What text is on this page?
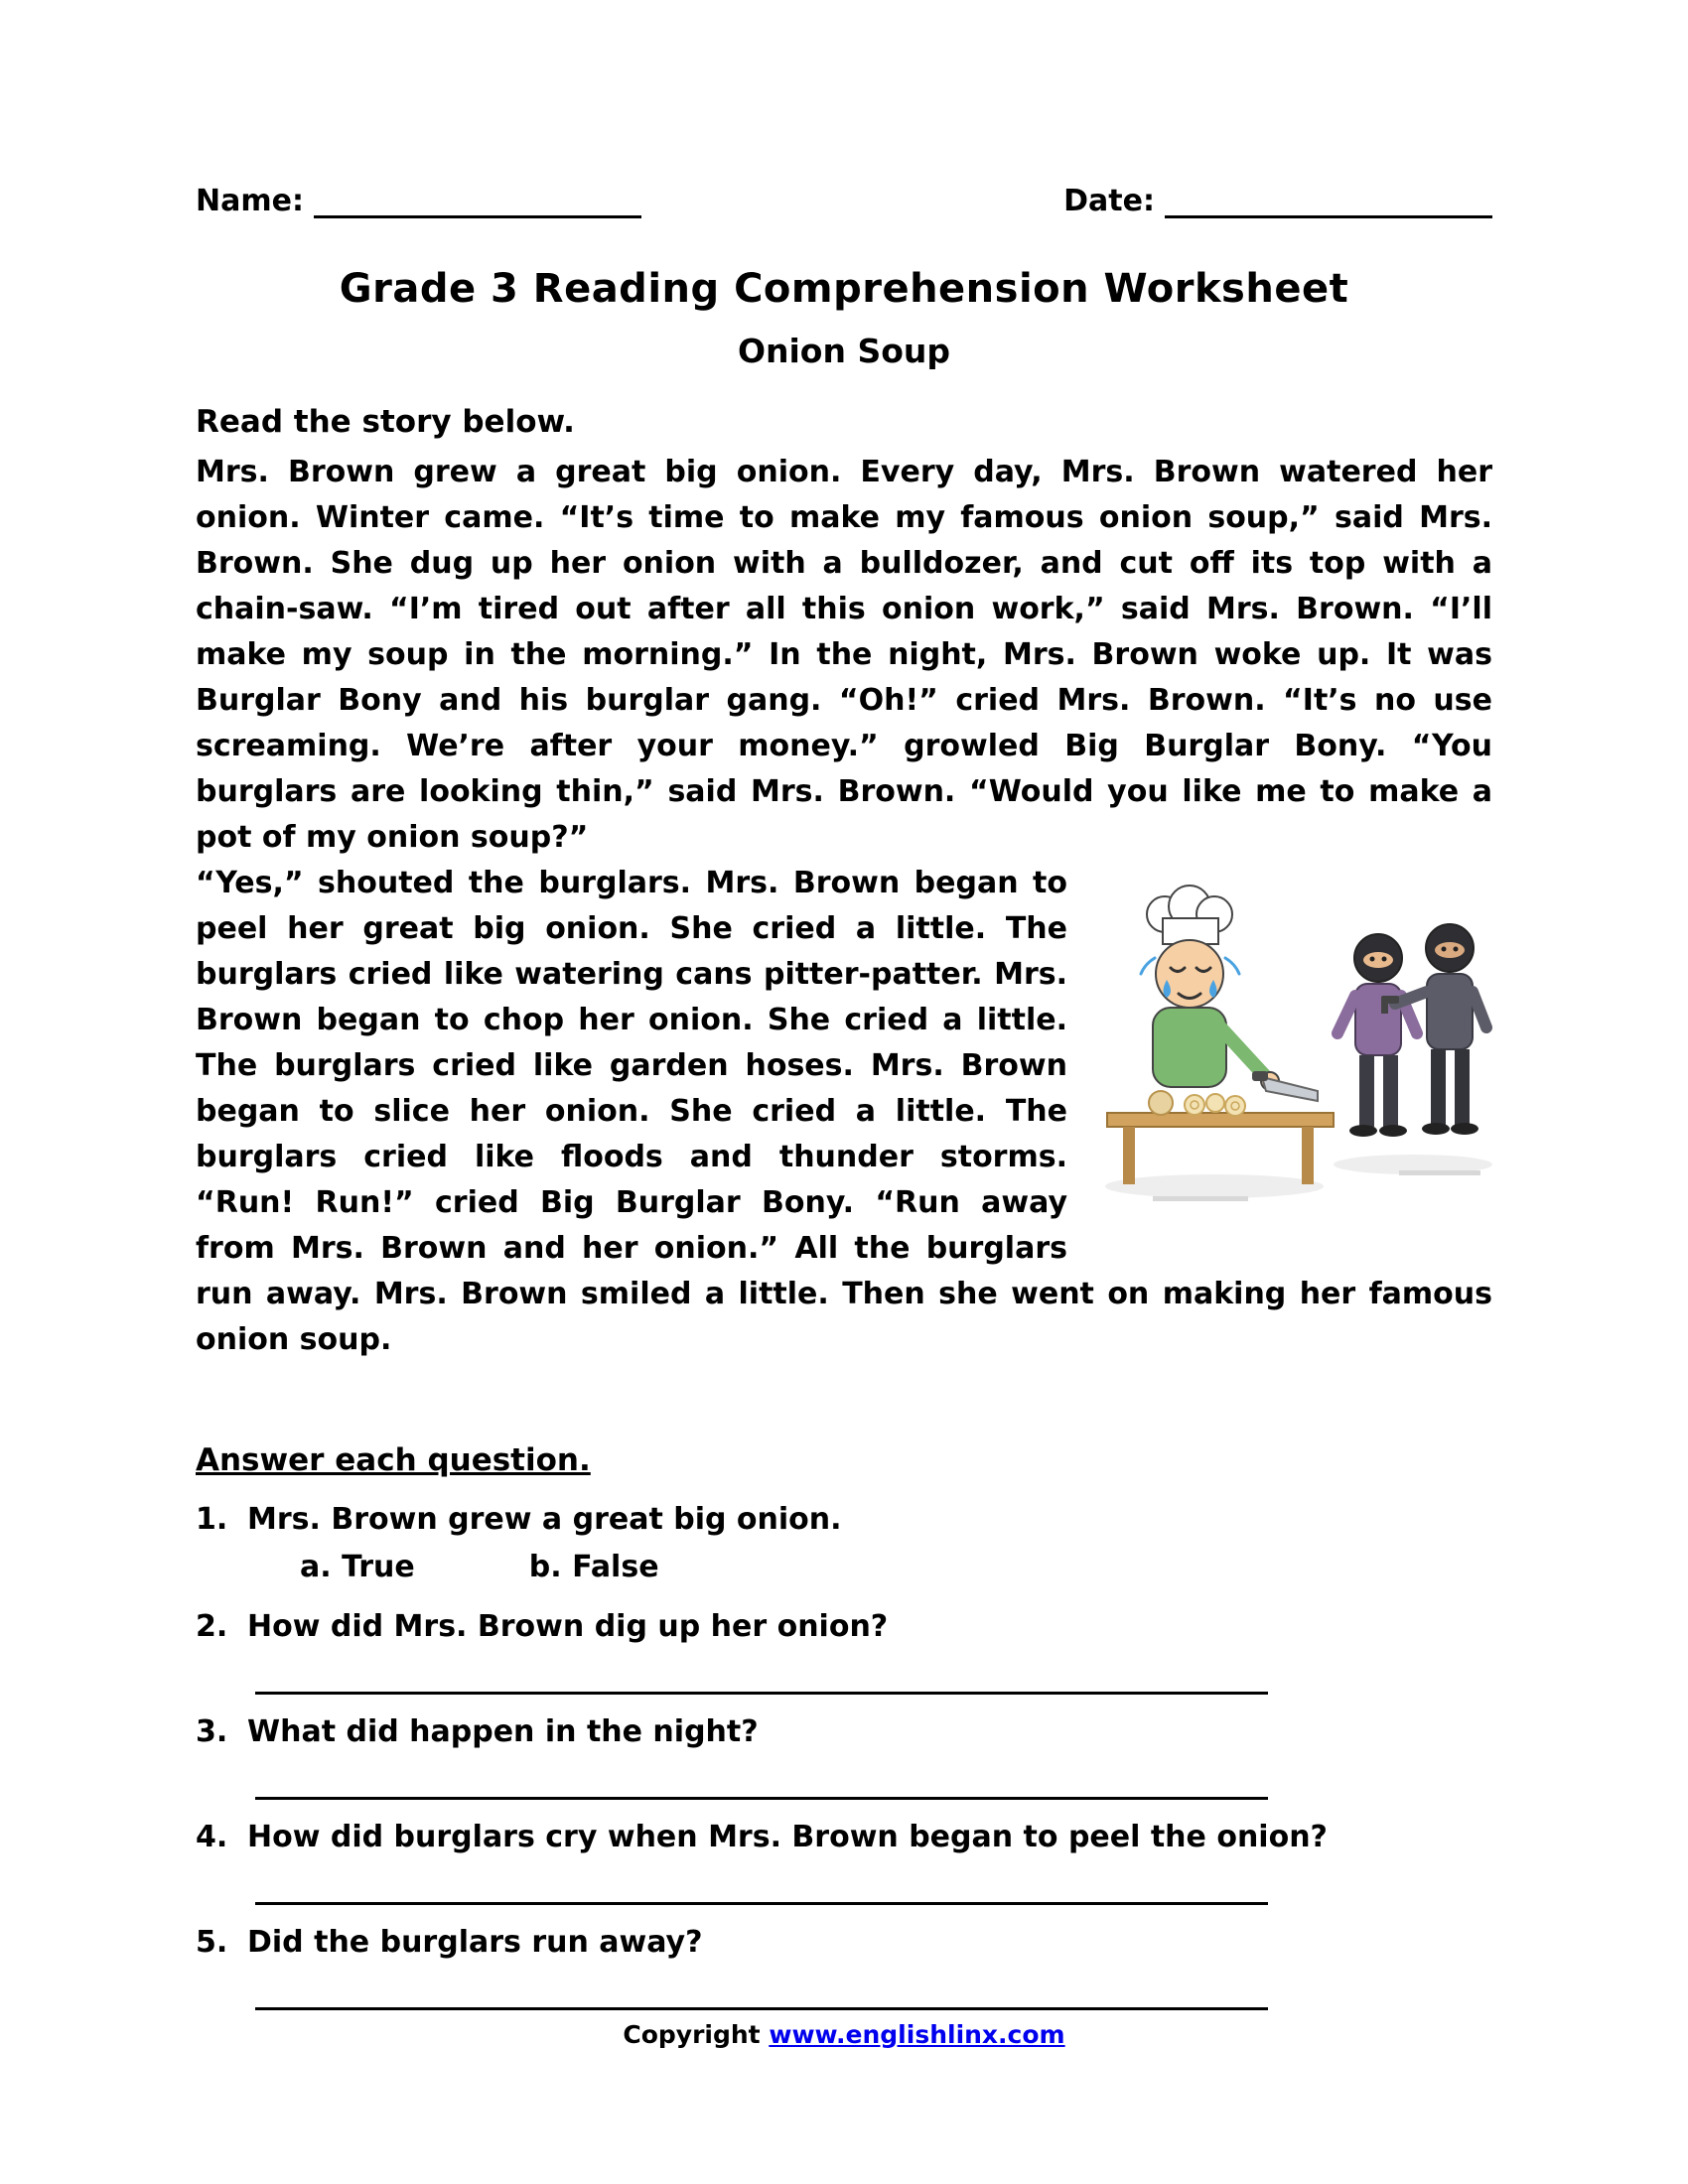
Name:	Date:
Grade 3 Reading Comprehension Worksheet
Onion Soup
Read the story below.

Mrs. Brown grew a great big onion. Every day, Mrs. Brown watered her onion. Winter came. “It’s time to make my famous onion soup,” said Mrs. Brown. She dug up her onion with a bulldozer, and cut off its top with a chain-saw. “I’m tired out after all this onion work,” said Mrs. Brown. “I’ll make my soup in the morning.” In the night, Mrs. Brown woke up. It was Burglar Bony and his burglar gang. “Oh!” cried Mrs. Brown. “It’s no use screaming. We’re after your money.” growled Big Burglar Bony. “You burglars are looking thin,” said Mrs. Brown. “Would you like me to make a pot of my onion soup?”

“Yes,” shouted the burglars. Mrs. Brown began to peel her great big onion. She cried a little. The burglars cried like watering cans pitter-patter. Mrs. Brown began to chop her onion. She cried a little. The burglars cried like garden hoses. Mrs. Brown began to slice her onion. She cried a little. The burglars cried like floods and thunder storms. “Run! Run!” cried Big Burglar Bony. “Run away from Mrs. Brown and her onion.” All the burglars run away. Mrs. Brown smiled a little. Then she went on making her famous onion soup.

Answer each question.
1. Mrs. Brown grew a great big onion.
a. True	b. False
2. How did Mrs. Brown dig up her onion?
3. What did happen in the night?
4. How did burglars cry when Mrs. Brown began to peel the onion?
5. Did the burglars run away?
Copyright www.englishlinx.com
